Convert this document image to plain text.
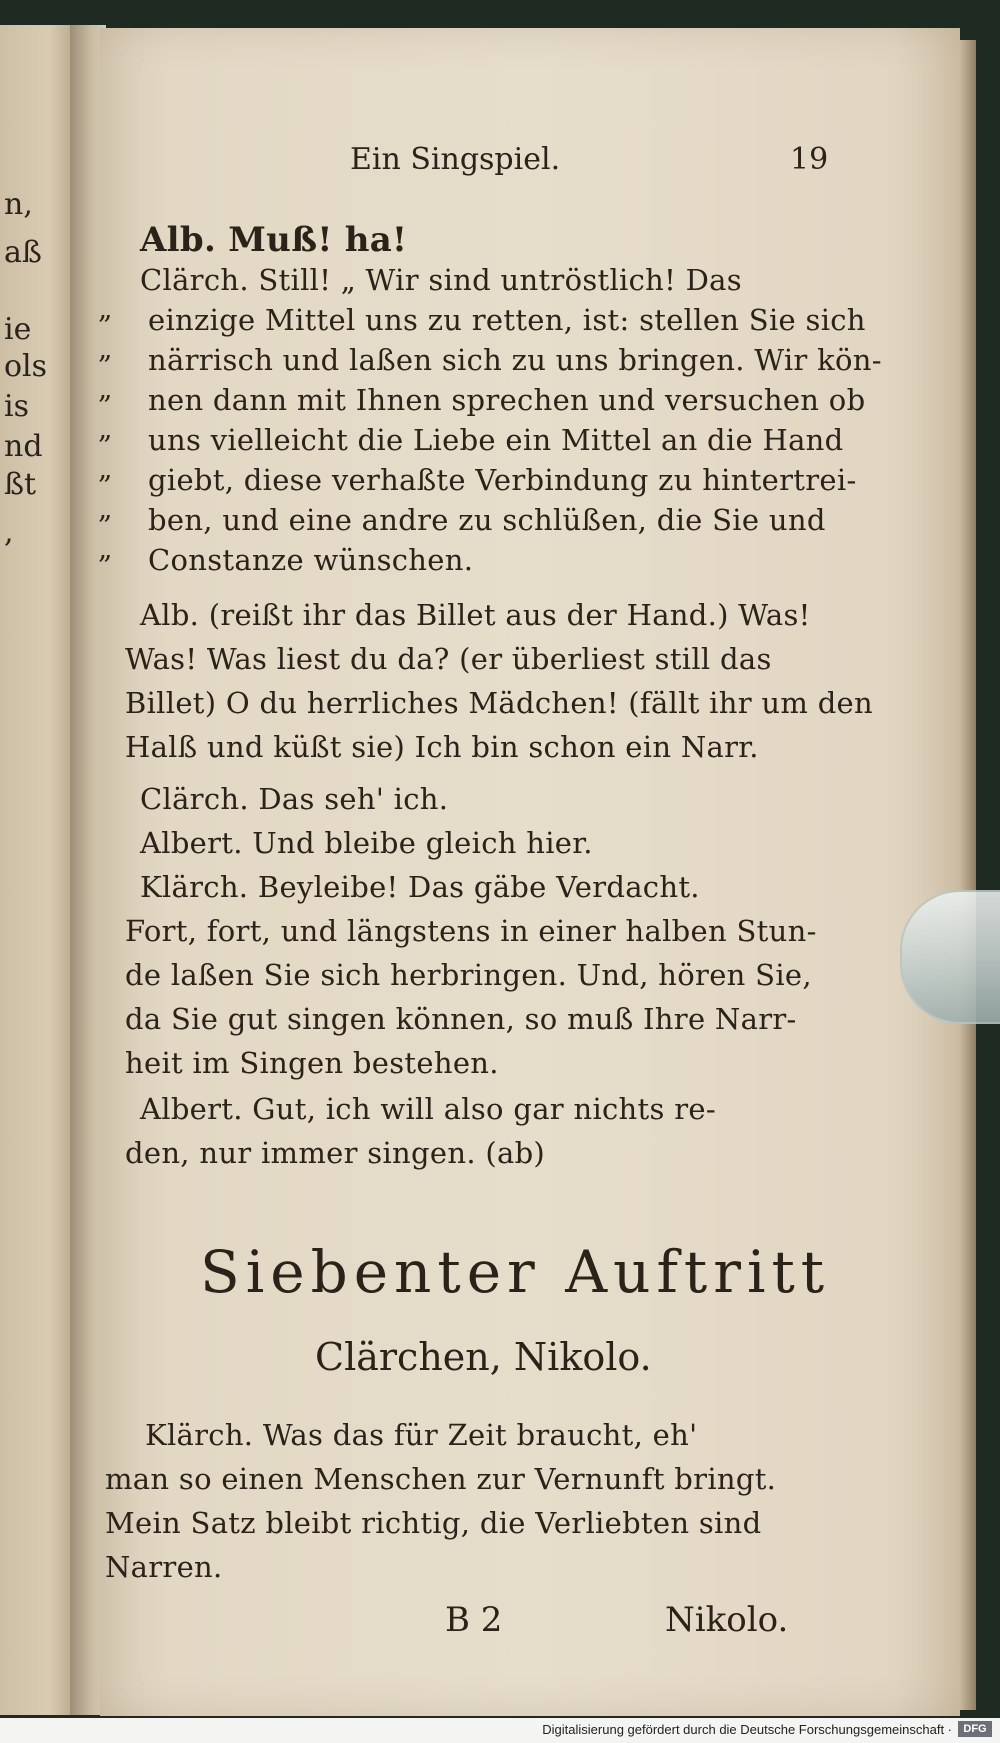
n,
aß
ie
ols
is
nd
ßt
,
Ein Singspiel.	19
„
„
„
„
„
„
„
Alb. Muß! ha!
Clärch. Still! „ Wir sind untröstlich! Das
einzige Mittel uns zu retten, ist: stellen Sie sich
närrisch und laßen sich zu uns bringen. Wir kön-
nen dann mit Ihnen sprechen und versuchen ob
uns vielleicht die Liebe ein Mittel an die Hand
giebt, diese verhaßte Verbindung zu hintertrei-
ben, und eine andre zu schlüßen, die Sie und
Constanze wünschen.
Alb. (reißt ihr das Billet aus der Hand.) Was!
Was! Was liest du da? (er überliest still das
Billet) O du herrliches Mädchen! (fällt ihr um den
Halß und küßt sie) Ich bin schon ein Narr.
Clärch. Das seh' ich.
Albert. Und bleibe gleich hier.
Klärch. Beyleibe! Das gäbe Verdacht.
Fort, fort, und längstens in einer halben Stun-
de laßen Sie sich herbringen. Und, hören Sie,
da Sie gut singen können, so muß Ihre Narr-
heit im Singen bestehen.
Albert. Gut, ich will also gar nichts re-
den, nur immer singen. (ab)
Siebenter Auftritt
Clärchen, Nikolo.
Klärch. Was das für Zeit braucht, eh'
man so einen Menschen zur Vernunft bringt.
Mein Satz bleibt richtig, die Verliebten sind
Narren.
B 2	Nikolo.
Digitalisierung gefördert durch die Deutsche Forschungsgemeinschaft ·	DFG
